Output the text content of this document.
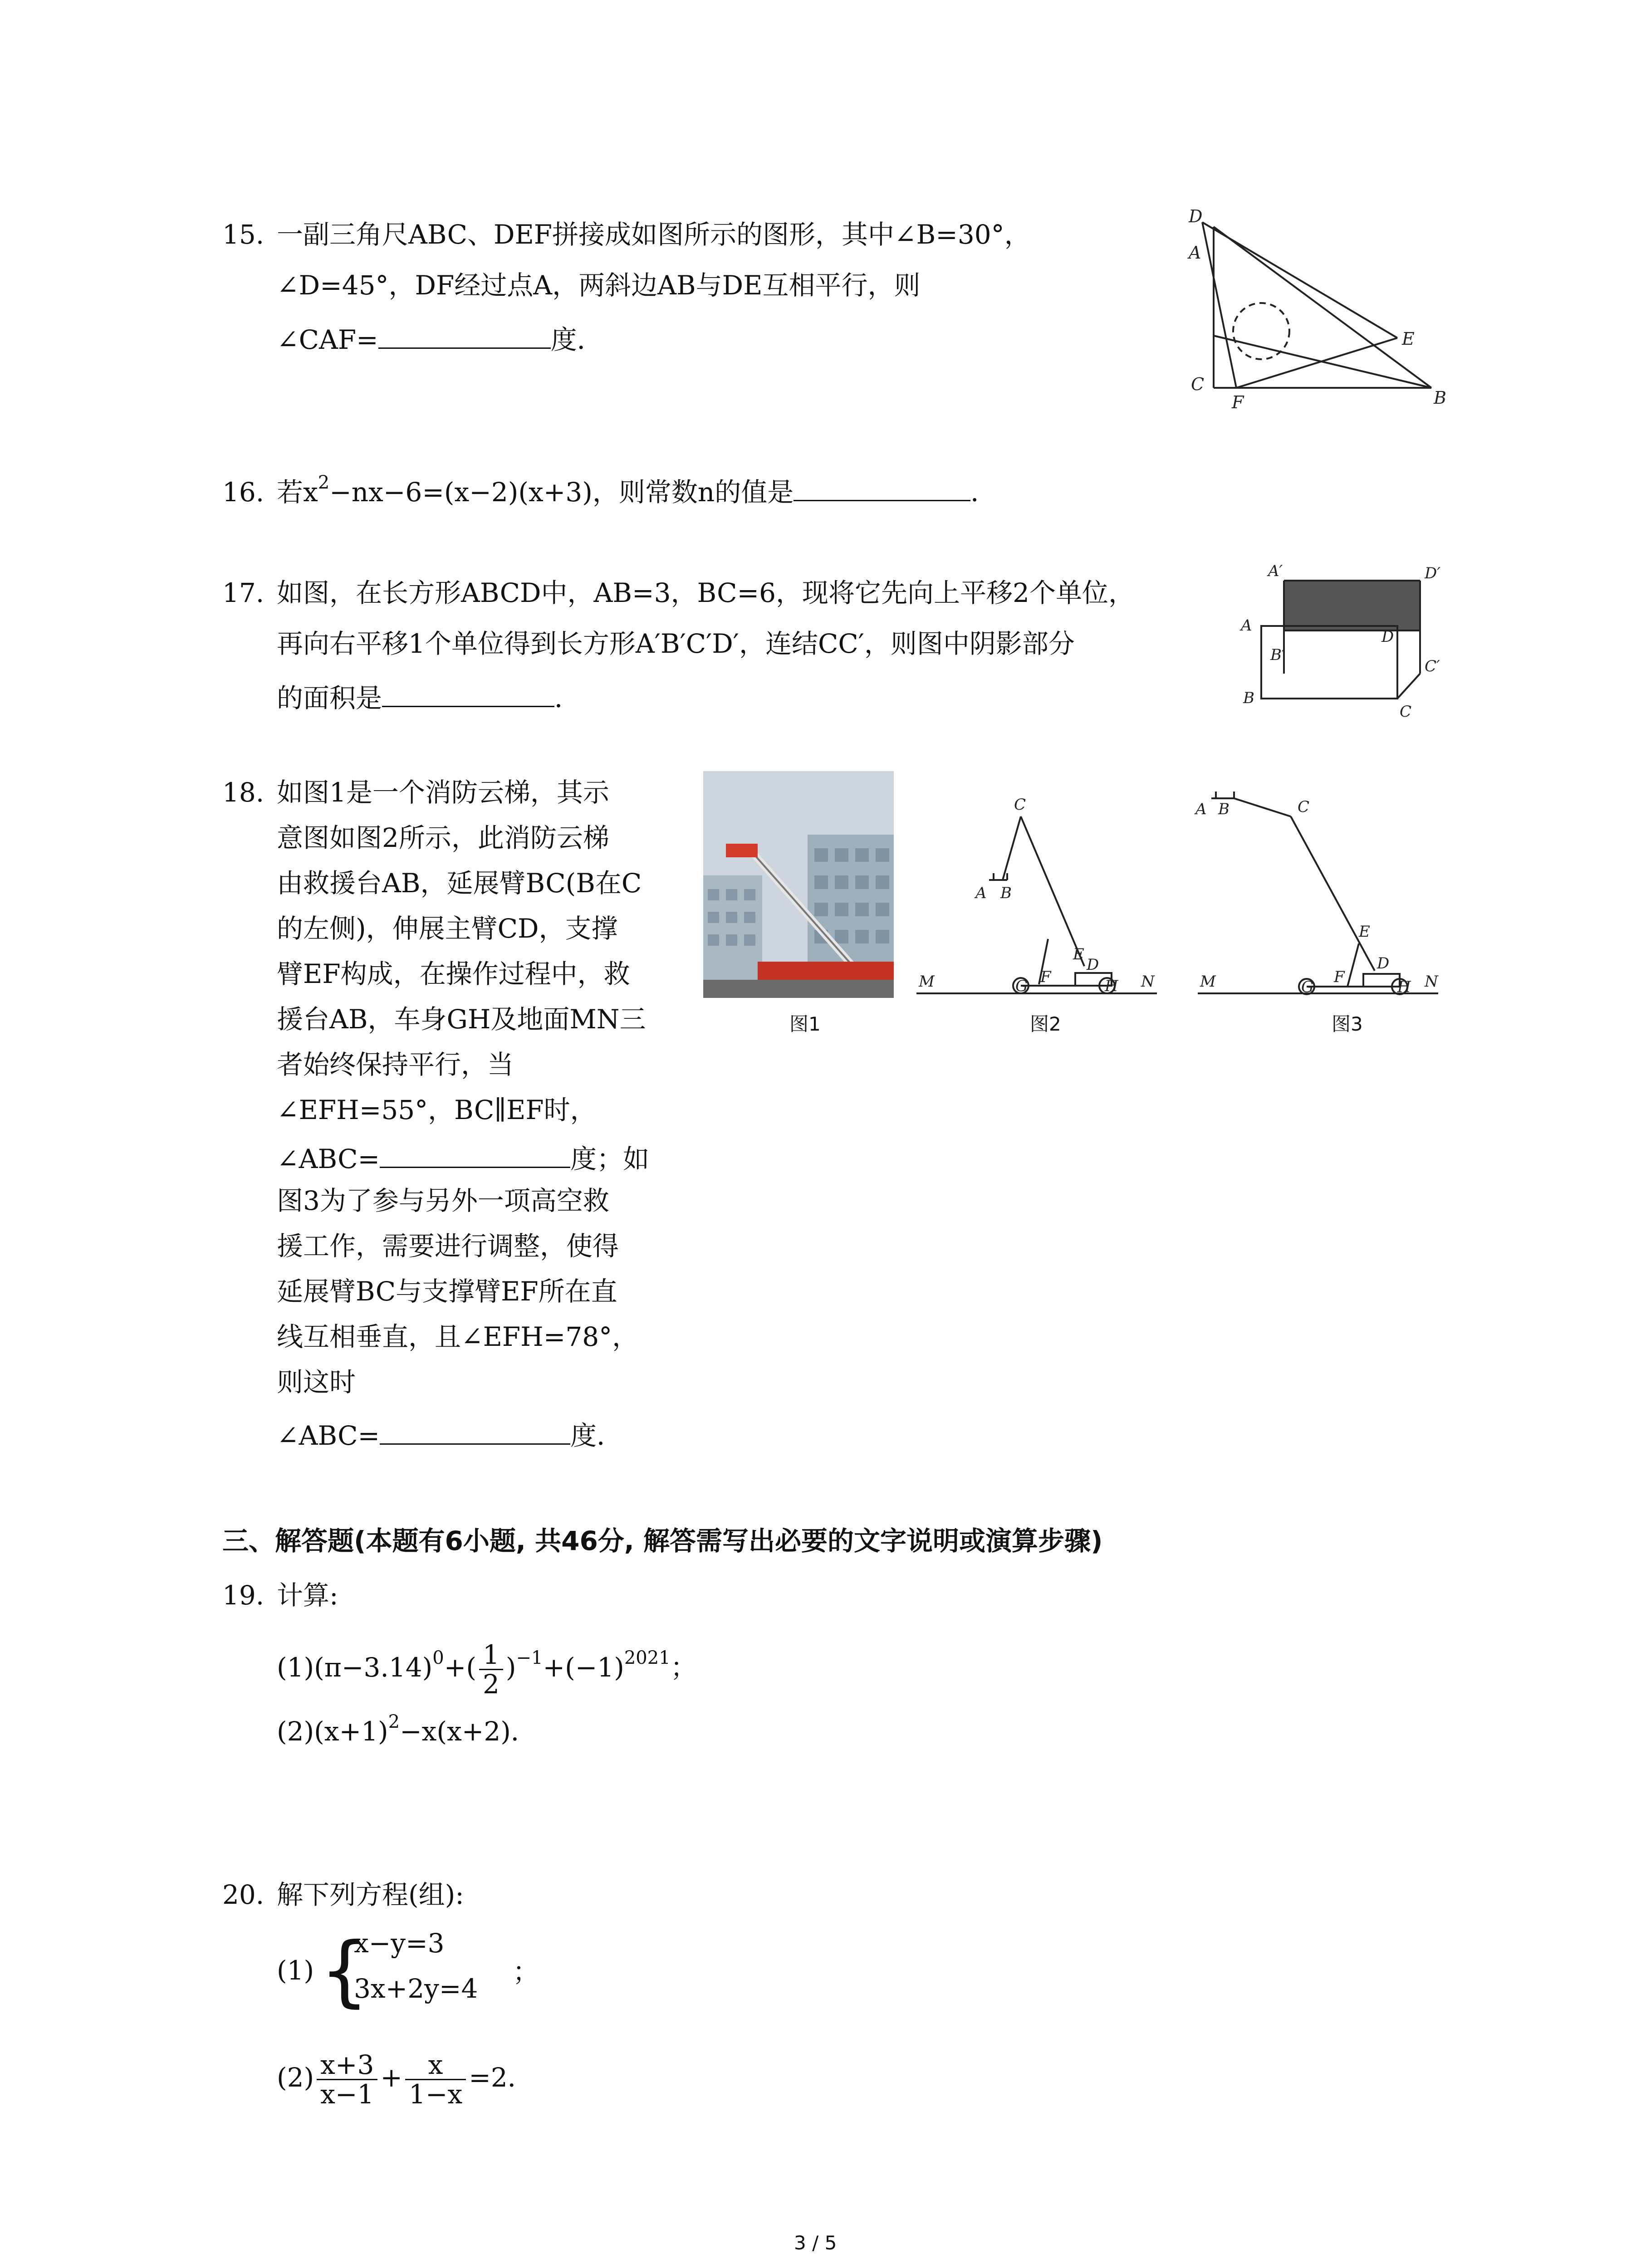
15. 一副三角尺ABC、DEF拼接成如图所示的图形，其中∠B=30°，
∠D=45°，DF经过点A，两斜边AB与DE互相平行，则
∠CAF=	度．
D
A
E
C
F	B
16. 若$x^2-nx-6=(x-2)(x+3)$，则常数n的值是	．
17. 如图，在长方形ABCD中，AB=3，BC=6，现将它先向上平移2个单位，
再向右平移1个单位得到长方形A′B′C′D′，连结CC′，则图中阴影部分
的面积是	．
A′	D′
A
D
B′
C′
B
C
18. 如图1是一个消防云梯，其示
意图如图2所示，此消防云梯
由救援台AB，延展臂BC(B在C
的左侧)，伸展主臂CD，支撑
臂EF构成，在操作过程中，救
援台AB，车身GH及地面MN三
者始终保持平行，当
∠EFH=55°，BC∥EF时，
∠ABC=	度；如
图3为了参与另外一项高空救
援工作，需要进行调整，使得
延展臂BC与支撑臂EF所在直
线互相垂直，且∠EFH=78°，
则这时
∠ABC=	度．
图1
C
A B
E
D
F
G	H
M	N
图2
A B	C
E
D
F
G	H
M	N
图3
三、解答题(本题有6小题, 共46分, 解答需写出必要的文字说明或演算步骤)
19. 计算:
$(1)(\pi-3.14)^0+( \frac{1}{2} )^{-1}+(-1)^{2021}$；
$(2)(x+1)^2-x(x+2)$．
20. 解下列方程(组):
(1) {
x−y=3
3x+2y=4
；
$(2) \frac{x+3}{x-1} + \frac{x}{1-x} =2$．
3 / 5
